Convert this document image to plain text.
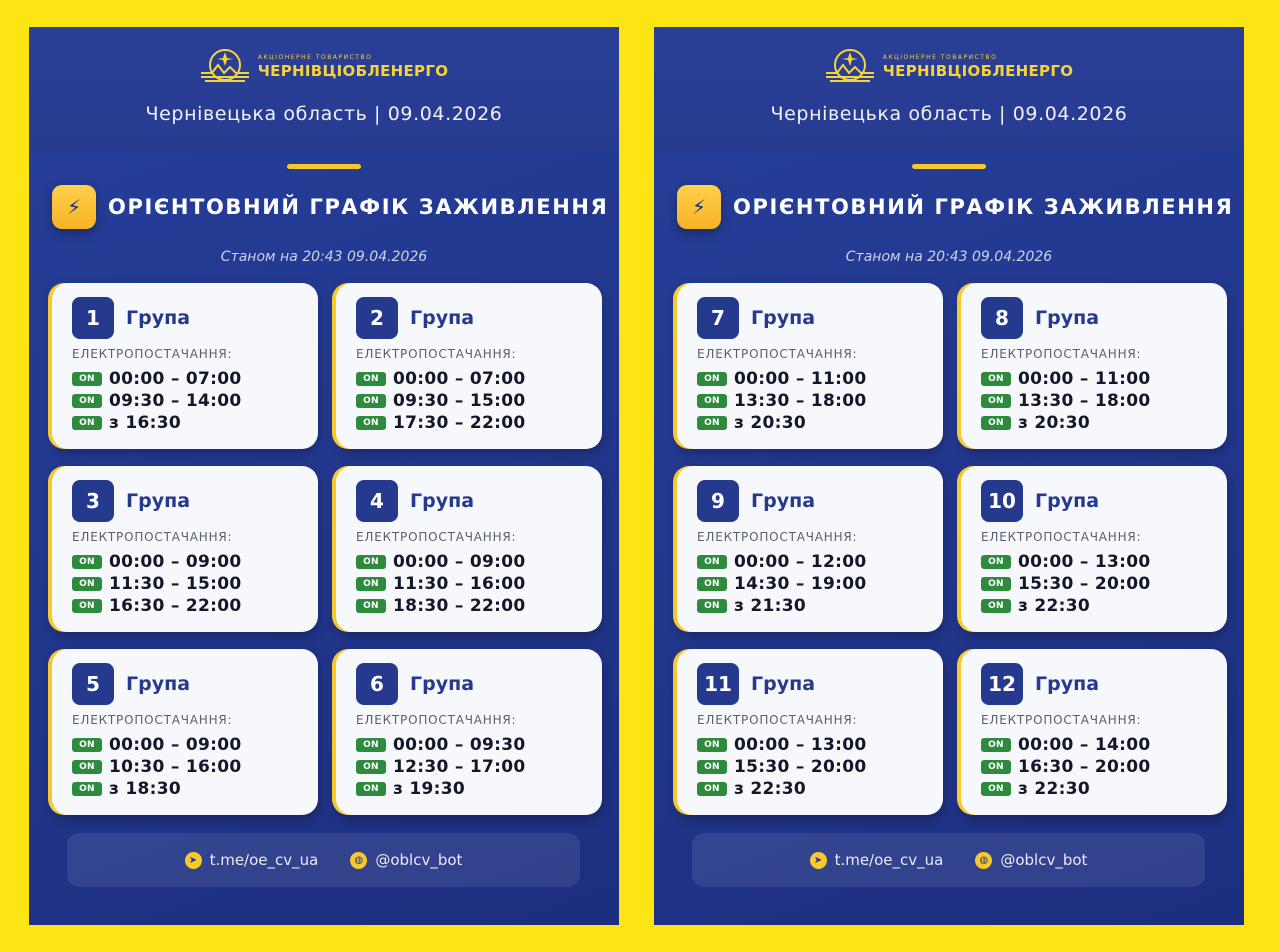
АКЦІОНЕРНЕ ТОВАРИСТВО
ЧЕРНІВЦІОБЛЕНЕРГО
Чернівецька область | 09.04.2026
⚡	ОРІЄНТОВНИЙ ГРАФІК ЗАЖИВЛЕННЯ
Станом на 20:43 09.04.2026
1	Група
ЕЛЕКТРОПОСТАЧАННЯ:
ON 00:00 – 07:00
ON 09:30 – 14:00
ON з 16:30
2	Група
ЕЛЕКТРОПОСТАЧАННЯ:
ON 00:00 – 07:00
ON 09:30 – 15:00
ON 17:30 – 22:00
3	Група
ЕЛЕКТРОПОСТАЧАННЯ:
ON 00:00 – 09:00
ON 11:30 – 15:00
ON 16:30 – 22:00
4	Група
ЕЛЕКТРОПОСТАЧАННЯ:
ON 00:00 – 09:00
ON 11:30 – 16:00
ON 18:30 – 22:00
5	Група
ЕЛЕКТРОПОСТАЧАННЯ:
ON 00:00 – 09:00
ON 10:30 – 16:00
ON з 18:30
6	Група
ЕЛЕКТРОПОСТАЧАННЯ:
ON 00:00 – 09:30
ON 12:30 – 17:00
ON з 19:30
➤ t.me/oe_cv_ua	◍ @oblcv_bot
АКЦІОНЕРНЕ ТОВАРИСТВО
ЧЕРНІВЦІОБЛЕНЕРГО
Чернівецька область | 09.04.2026
⚡	ОРІЄНТОВНИЙ ГРАФІК ЗАЖИВЛЕННЯ
Станом на 20:43 09.04.2026
7	Група
ЕЛЕКТРОПОСТАЧАННЯ:
ON 00:00 – 11:00
ON 13:30 – 18:00
ON з 20:30
8	Група
ЕЛЕКТРОПОСТАЧАННЯ:
ON 00:00 – 11:00
ON 13:30 – 18:00
ON з 20:30
9	Група
ЕЛЕКТРОПОСТАЧАННЯ:
ON 00:00 – 12:00
ON 14:30 – 19:00
ON з 21:30
10	Група
ЕЛЕКТРОПОСТАЧАННЯ:
ON 00:00 – 13:00
ON 15:30 – 20:00
ON з 22:30
11	Група
ЕЛЕКТРОПОСТАЧАННЯ:
ON 00:00 – 13:00
ON 15:30 – 20:00
ON з 22:30
12	Група
ЕЛЕКТРОПОСТАЧАННЯ:
ON 00:00 – 14:00
ON 16:30 – 20:00
ON з 22:30
➤ t.me/oe_cv_ua	◍ @oblcv_bot
